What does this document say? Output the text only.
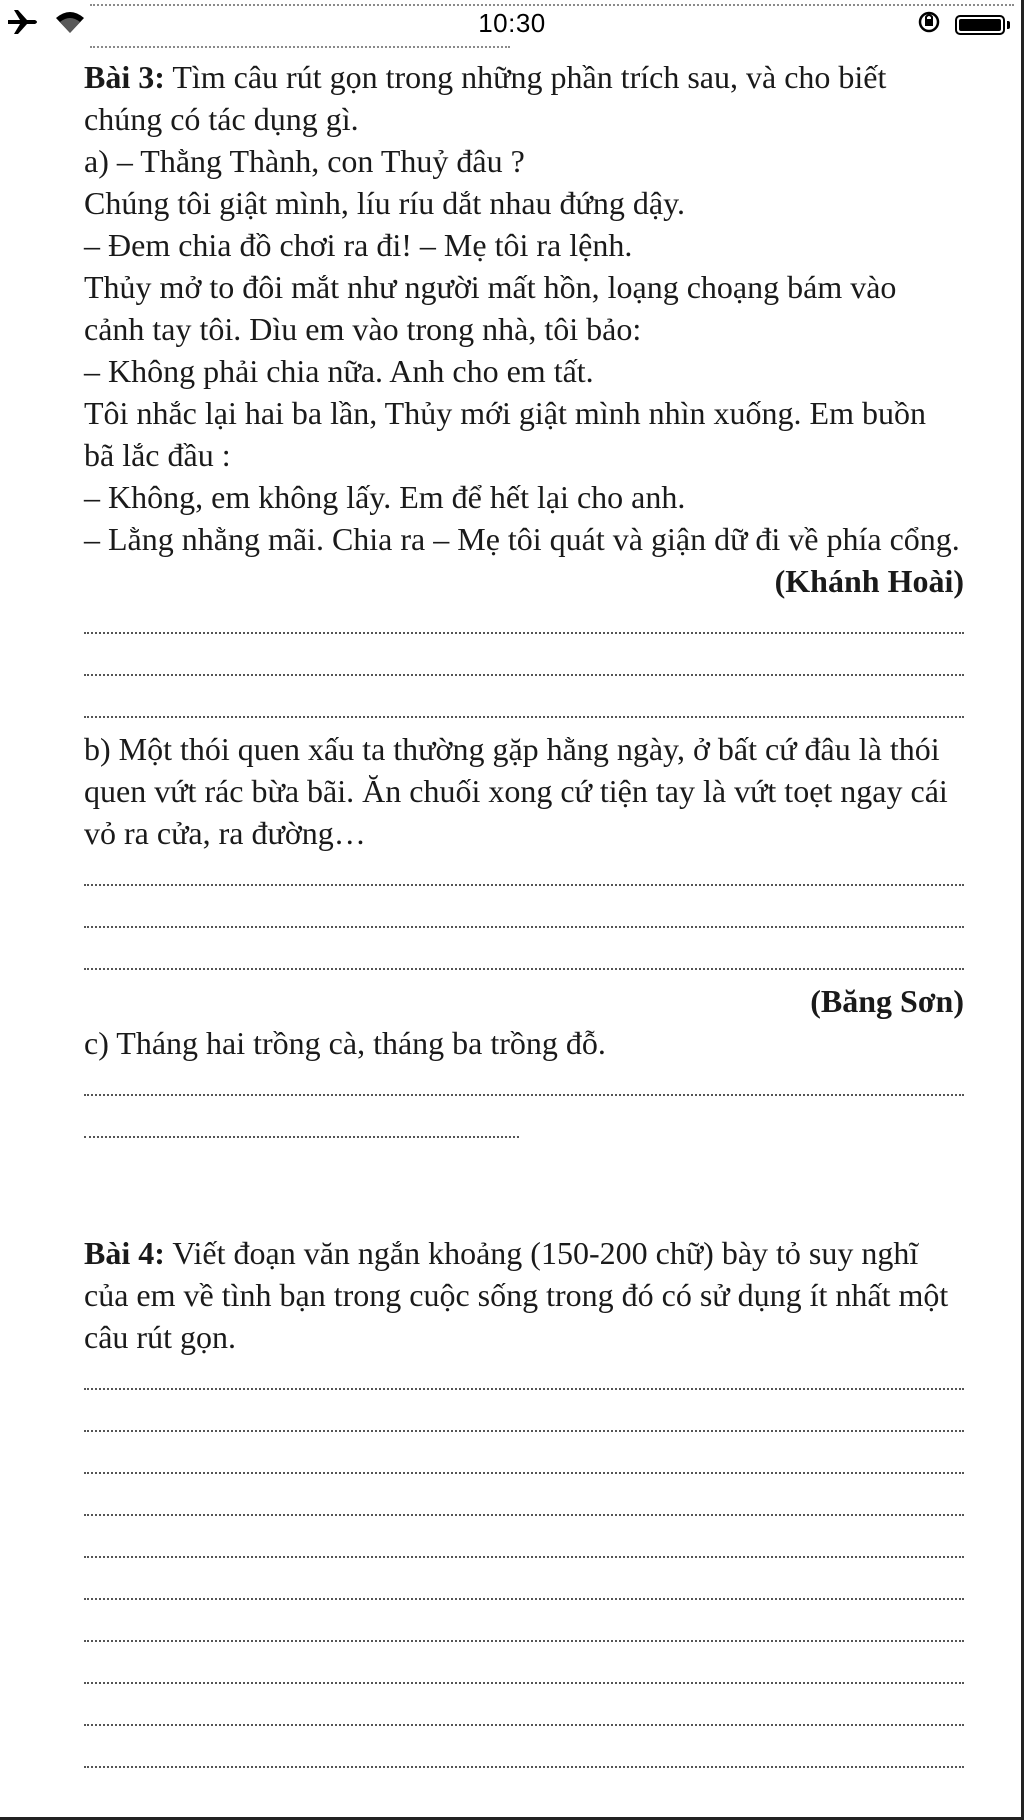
10:30

Bài 3: Tìm câu rút gọn trong những phần trích sau, và cho biết chúng có tác dụng gì.

a) – Thằng Thành, con Thuỷ đâu ?

Chúng tôi giật mình, líu ríu dắt nhau đứng dậy.

– Đem chia đồ chơi ra đi! – Mẹ tôi ra lệnh.

Thủy mở to đôi mắt như người mất hồn, loạng choạng bám vào cảnh tay tôi. Dìu em vào trong nhà, tôi bảo:

– Không phải chia nữa. Anh cho em tất.

Tôi nhắc lại hai ba lần, Thủy mới giật mình nhìn xuống. Em buồn bã lắc đầu :

– Không, em không lấy. Em để hết lại cho anh.

– Lằng nhằng mãi. Chia ra – Mẹ tôi quát và giận dữ đi về phía cổng.

(Khánh Hoài)

b) Một thói quen xấu ta thường gặp hằng ngày, ở bất cứ đâu là thói quen vứt rác bừa bãi. Ăn chuối xong cứ tiện tay là vứt toẹt ngay cái vỏ ra cửa, ra đường…

(Băng Sơn)

c) Tháng hai trồng cà, tháng ba trồng đỗ.

Bài 4: Viết đoạn văn ngắn khoảng (150-200 chữ) bày tỏ suy nghĩ của em về tình bạn trong cuộc sống trong đó có sử dụng ít nhất một câu rút gọn.
